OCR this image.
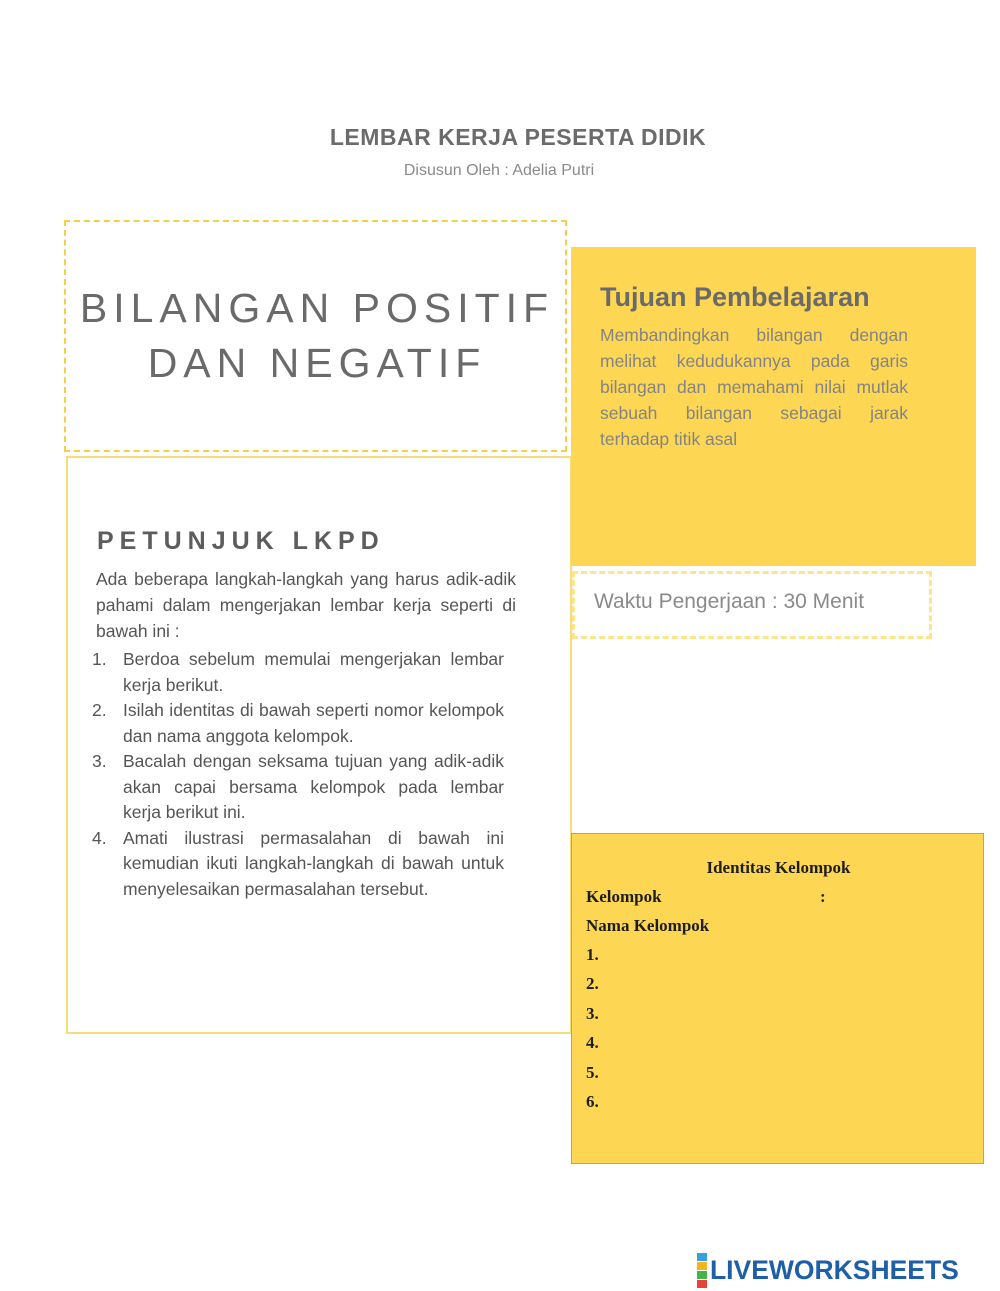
LEMBAR KERJA PESERTA DIDIK
Disusun Oleh : Adelia Putri
BILANGAN POSITIF
DAN NEGATIF
PETUNJUK LKPD
Ada beberapa langkah-langkah yang harus adik-adik pahami dalam mengerjakan lembar kerja seperti di bawah ini :
1. Berdoa sebelum memulai mengerjakan lembar kerja berikut.
2. Isilah identitas di bawah seperti nomor kelompok dan nama anggota kelompok.
3. Bacalah dengan seksama tujuan yang adik-adik akan capai bersama kelompok pada lembar kerja berikut ini.
4. Amati ilustrasi permasalahan di bawah ini kemudian ikuti langkah-langkah di bawah untuk menyelesaikan permasalahan tersebut.
Tujuan Pembelajaran
Membandingkan bilangan dengan melihat kedudukannya pada garis bilangan dan memahami nilai mutlak sebuah bilangan sebagai jarak terhadap titik asal
Waktu Pengerjaan : 30 Menit
Identitas Kelompok
Kelompok	:
Nama Kelompok
1.
2.
3.
4.
5.
6.
LIVEWORKSHEETS
